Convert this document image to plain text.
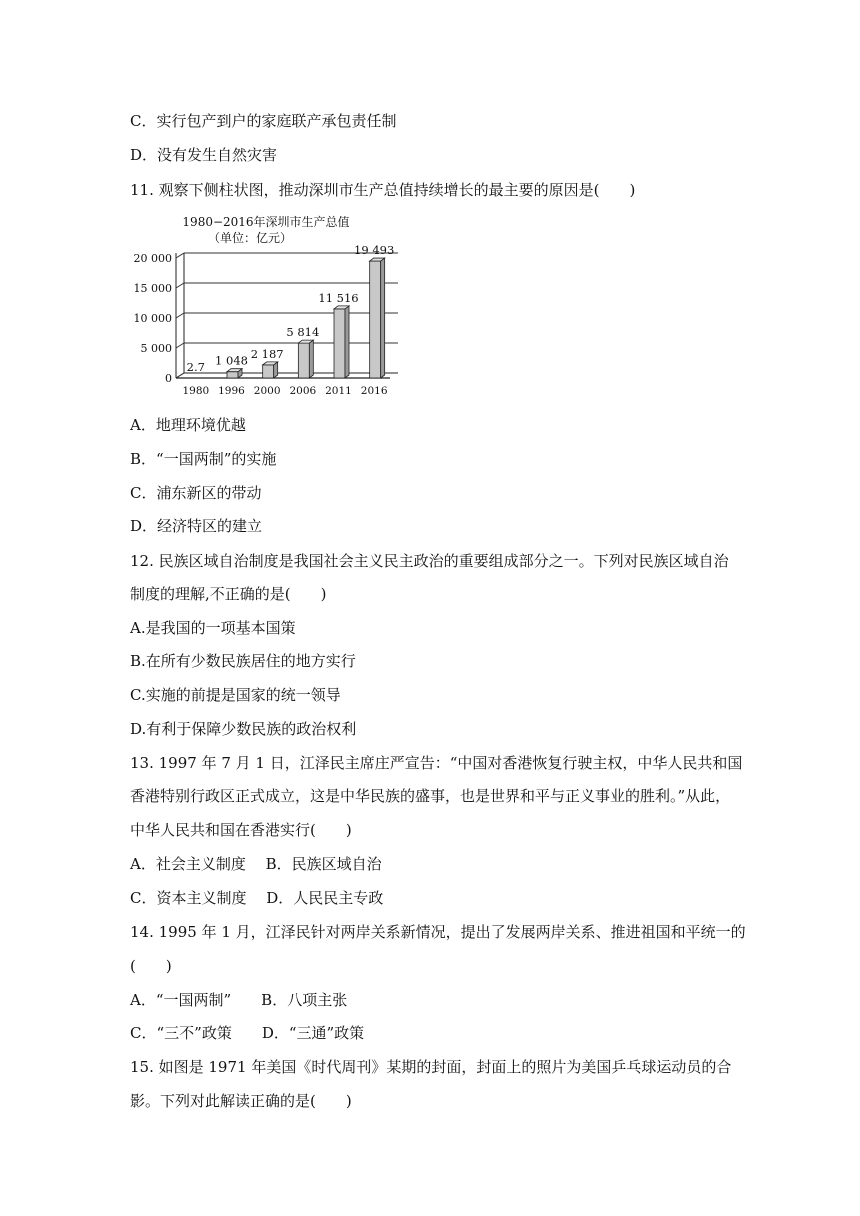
C．实行包产到户的家庭联产承包责任制
D．没有发生自然灾害
11. 观察下侧柱状图，推动深圳市生产总值持续增长的最主要的原因是(　　)
1980−2016年深圳市生产总值
（单位：亿元）
0
5 000
10 000
15 000
20 000
2.7
1980
1 048
1996
2 187
2000
5 814
2006
11 516
2011
19 493
2016
A．地理环境优越
B．“一国两制”的实施
C．浦东新区的带动
D．经济特区的建立
12. 民族区域自治制度是我国社会主义民主政治的重要组成部分之一。下列对民族区域自治
制度的理解,不正确的是(　　)
A.是我国的一项基本国策
B.在所有少数民族居住的地方实行
C.实施的前提是国家的统一领导
D.有利于保障少数民族的政治权利
13. 1997 年 7 月 1 日，江泽民主席庄严宣告：“中国对香港恢复行驶主权，中华人民共和国
香港特别行政区正式成立，这是中华民族的盛事，也是世界和平与正义事业的胜利。”从此，
中华人民共和国在香港实行(　　)
A．社会主义制度　 B．民族区域自治
C．资本主义制度　 D．人民民主专政
14. 1995 年 1 月，江泽民针对两岸关系新情况，提出了发展两岸关系、推进祖国和平统一的
(　　)
A．“一国两制”　　B．八项主张
C．“三不”政策　　D．“三通”政策
15. 如图是 1971 年美国《时代周刊》某期的封面，封面上的照片为美国乒乓球运动员的合
影。下列对此解读正确的是(　　)
